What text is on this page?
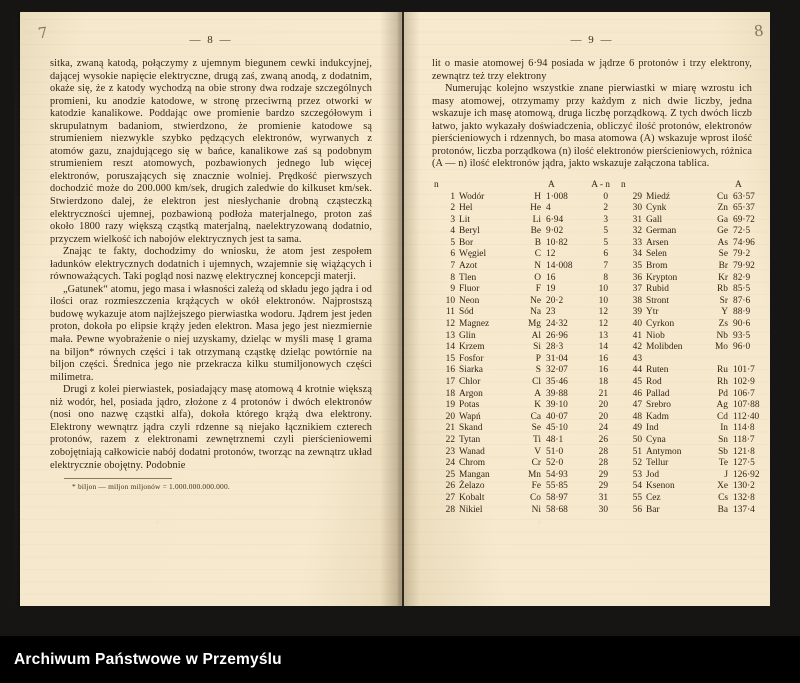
7	— 8 —

sitka, zwaną katodą, połączymy z ujemnym biegunem cewki indukcyjnej, dającej wysokie napięcie elektryczne, drugą zaś, zwaną anodą, z dodatnim, okaże się, że z katody wychodzą na obie strony dwa rodzaje szczególnych promieni, ku anodzie katodowe, w stronę przeciwrną przez otworki w katodzie kanalikowe. Poddając owe promienie bardzo szczegółowym i skrupulatnym badaniom, stwierdzono, że promienie katodowe są strumieniem niezwykle szybko pędzących elektronów, wyrwanych z atomów gazu, znajdującego się w bańce, kanalikowe zaś są podobnym strumieniem reszt atomowych, pozbawionych jednego lub więcej elektronów, poruszających się znacznie wolniej. Prędkość pierwszych dochodzić może do 200.000 km/sek, drugich zaledwie do kilkuset km/sek. Stwierdzono dalej, że elektron jest niesłychanie drobną cząsteczką elektryczności ujemnej, pozbawioną podłoża materjalnego, proton zaś około 1800 razy większą cząstką materjalną, naelektryzowaną dodatnio, przyczem wielkość ich nabojów elektrycznych jest ta sama.

Znając te fakty, dochodzimy do wniosku, że atom jest zespołem ładunków elektrycznych dodatnich i ujemnych, wzajemnie się wiążących i równoważących. Taki pogląd nosi nazwę elektrycznej koncepcji materji.

„Gatunek“ atomu, jego masa i własności zależą od składu jego jądra i od ilości oraz rozmieszczenia krążących w okół elektronów. Najprostszą budowę wykazuje atom najlżejszego pierwiastka wodoru. Jądrem jest jeden proton, dokoła po elipsie krąży jeden elektron. Masa jego jest niezmiernie mała. Pewne wyobrażenie o niej uzyskamy, dzieląc w myśli masę 1 grama na biljon* równych części i tak otrzymaną cząstkę dzieląc powtórnie na biljon części. Średnica jego nie przekracza kilku stumiljonowych części milimetra.

Drugi z kolei pierwiastek, posiadający masę atomową 4 krotnie większą niż wodór, hel, posiada jądro, złożone z 4 protonów i dwóch elektronów (nosi ono nazwę cząstki alfa), dokoła którego krążą dwa elektrony. Elektrony wewnątrz jądra czyli rdzenne są niejako łącznikiem czterech protonów, razem z elektronami zewnętrznemi czyli pierścieniowemi zobojętniają całkowicie nabój dodatni protonów, tworząc na zewnątrz układ elektrycznie obojętny. Podobnie

* biljon — miljon miljonów = 1.000.000.000.000.
8
— 9 —

lit o masie atomowej 6·94 posiada w jądrze 6 protonów i trzy elektrony, zewnątrz też trzy elektrony

Numerując kolejno wszystkie znane pierwiastki w miarę wzrostu ich masy atomowej, otrzymamy przy każdym z nich dwie liczby, jedna wskazuje ich masę atomową, druga liczbę porządkową. Z tych dwóch liczb łatwo, jakto wykazały doświadczenia, obliczyć ilość protonów, elektronów pierścieniowych i rdzennych, bo masa atomowa (A) wskazuje wprost ilość protonów, liczba porządkowa (n) ilość elektronów pierścieniowych, różnica (A — n) ilość elektronów jądra, jakto wskazuje załączona tablica.

n	A	A - n
1 Wodór	H 1·008	0
2 Hel	He 4	2
3 Lit	Li 6·94	3
4 Beryl	Be 9·02	5
5 Bor	B 10·82	5
6 Węgiel	C 12	6
7 Azot	N 14·008	7
8 Tlen	O 16	8
9 Fluor	F 19	10
10 Neon	Ne 20·2	10
11 Sód	Na 23	12
12 Magnez	Mg 24·32	12
13 Glin	Al 26·96	13
14 Krzem	Si 28·3	14
15 Fosfor	P 31·04	16
16 Siarka	S 32·07	16
17 Chlor	Cl 35·46	18
18 Argon	A 39·88	21
19 Potas	K 39·10	20
20 Wapń	Ca 40·07	20
21 Skand	Se 45·10	24
22 Tytan	Ti 48·1	26
23 Wanad	V 51·0	28
24 Chrom	Cr 52·0	28
25 Mangan	Mn 54·93	29
26 Żelazo	Fe 55·85	29
27 Kobalt	Co 58·97	31
28 Nikiel	Ni 58·68	30
n	A
29 Miedź	Cu 63·57
30 Cynk	Zn 65·37
31 Gall	Ga 69·72
32 German	Ge 72·5
33 Arsen	As 74·96
34 Selen	Se 79·2
35 Brom	Br 79·92
36 Krypton	Kr 82·9
37 Rubid	Rb 85·5
38 Stront	Sr 87·6
39 Ytr	Y 88·9
40 Cyrkon	Zs 90·6
41 Niob	Nb 93·5
42 Molibden	Mo 96·0
43
44 Ruten	Ru 101·7
45 Rod	Rh 102·9
46 Pallad	Pd 106·7
47 Srebro	Ag 107·88
48 Kadm	Cd 112·40
49 Ind	In 114·8
50 Cyna	Sn 118·7
51 Antymon	Sb 121·8
52 Tellur	Te 127·5
53 Jod	J 126·92
54 Ksenon	Xe 130·2
55 Cez	Cs 132·8
56 Bar	Ba 137·4
Archiwum Państwowe w Przemyślu
